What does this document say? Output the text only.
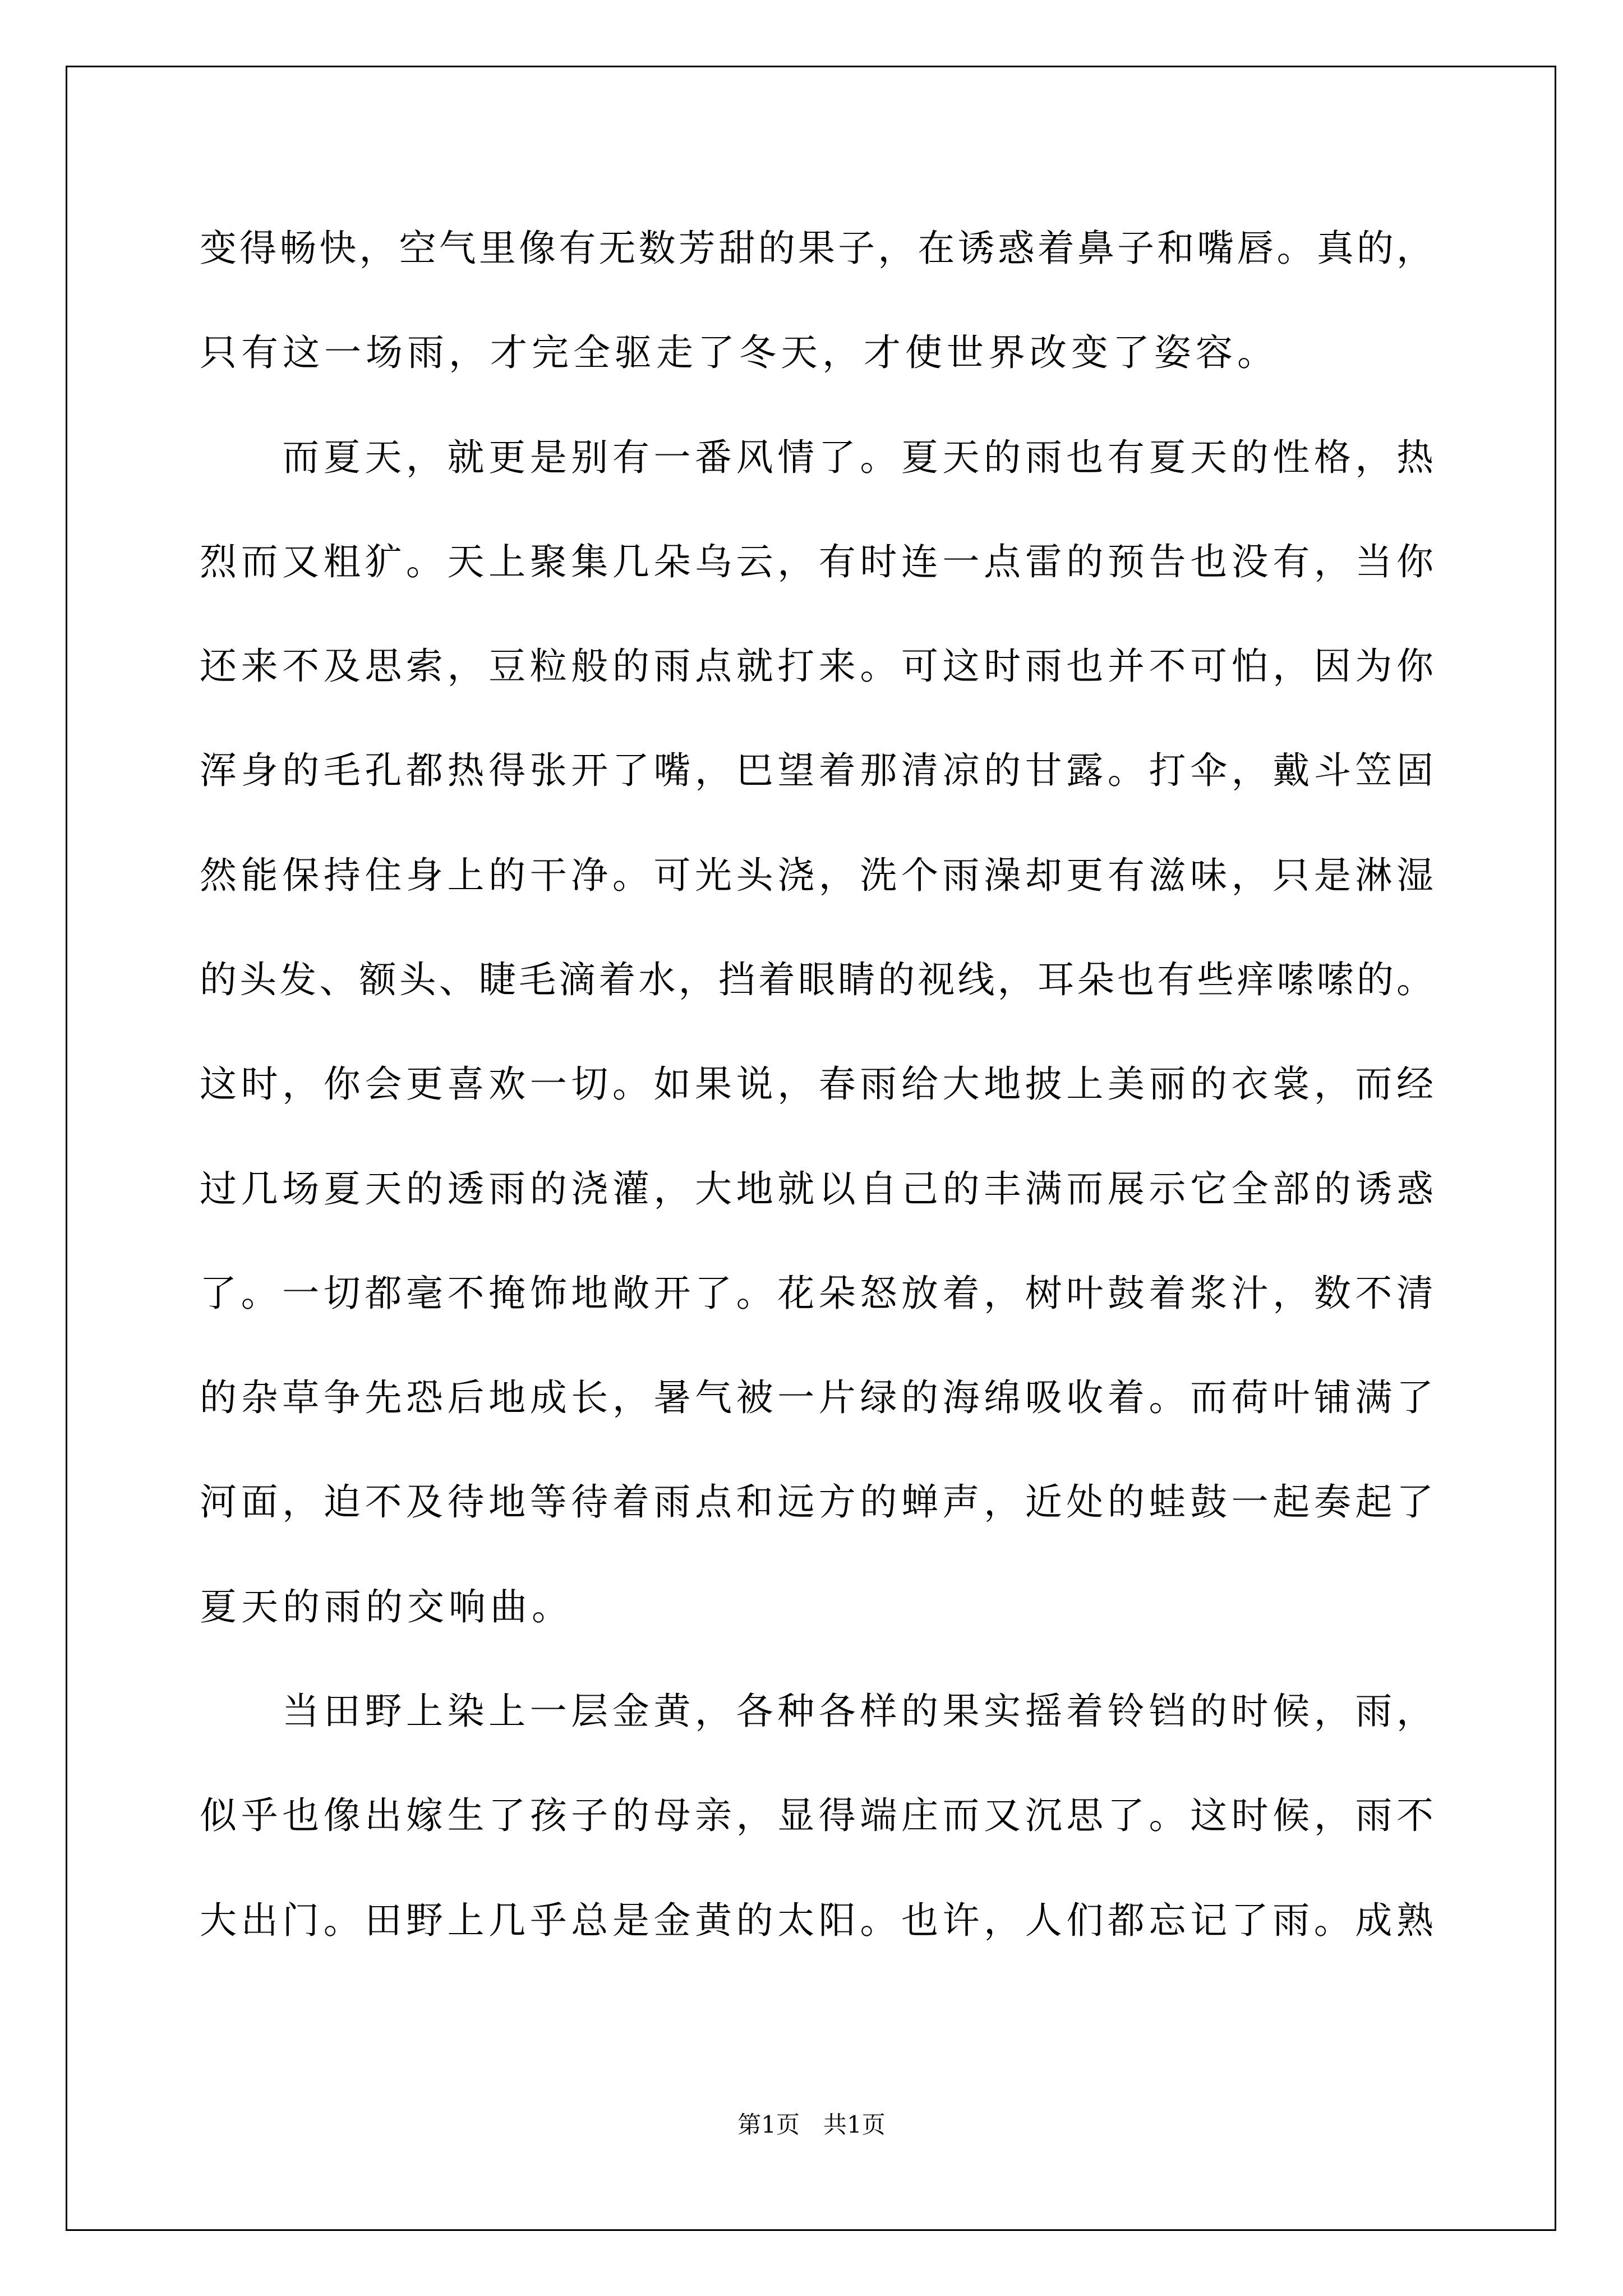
变得畅快，空气里像有无数芳甜的果子，在诱惑着鼻子和嘴唇。真的，
只有这一场雨，才完全驱走了冬天，才使世界改变了姿容。
　　而夏天，就更是别有一番风情了。夏天的雨也有夏天的性格，热
烈而又粗犷。天上聚集几朵乌云，有时连一点雷的预告也没有，当你
还来不及思索，豆粒般的雨点就打来。可这时雨也并不可怕，因为你
浑身的毛孔都热得张开了嘴，巴望着那清凉的甘露。打伞，戴斗笠固
然能保持住身上的干净。可光头浇，洗个雨澡却更有滋味，只是淋湿
的头发、额头、睫毛滴着水，挡着眼睛的视线，耳朵也有些痒嗦嗦的。
这时，你会更喜欢一切。如果说，春雨给大地披上美丽的衣裳，而经
过几场夏天的透雨的浇灌，大地就以自己的丰满而展示它全部的诱惑
了。一切都毫不掩饰地敞开了。花朵怒放着，树叶鼓着浆汁，数不清
的杂草争先恐后地成长，暑气被一片绿的海绵吸收着。而荷叶铺满了
河面，迫不及待地等待着雨点和远方的蝉声，近处的蛙鼓一起奏起了
夏天的雨的交响曲。
　　当田野上染上一层金黄，各种各样的果实摇着铃铛的时候，雨，
似乎也像出嫁生了孩子的母亲，显得端庄而又沉思了。这时候，雨不
大出门。田野上几乎总是金黄的太阳。也许，人们都忘记了雨。成熟
第1页　共1页
